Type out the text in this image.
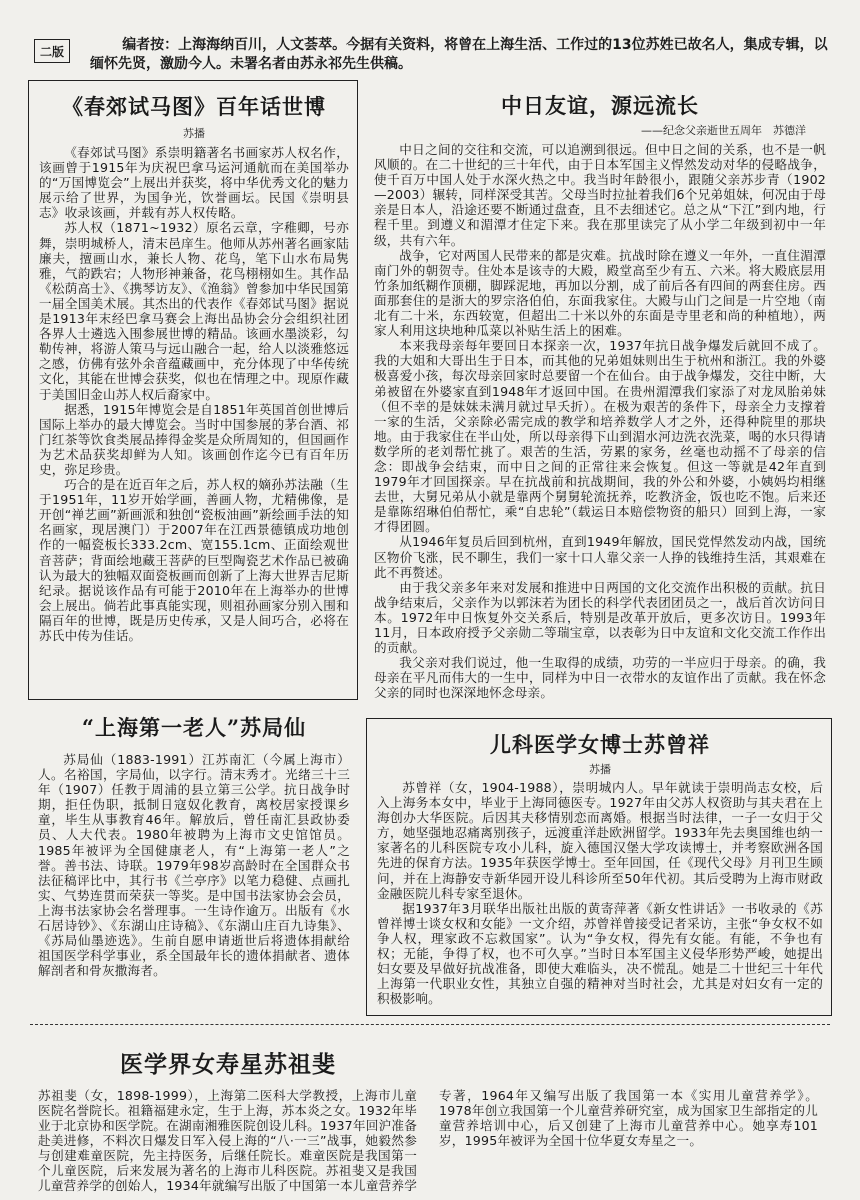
二版	编者按：上海海纳百川，人文荟萃。今据有关资料，将曾在上海生活、工作过的13位苏姓已故名人，集成专辑，以缅怀先贤，激励今人。未署名者由苏永祁先生供稿。

《春郊试马图》百年话世博

苏播

《春郊试马图》系崇明籍著名书画家苏人权名作，该画曾于1915年为庆祝巴拿马运河通航而在美国举办的“万国博览会”上展出并获奖，将中华优秀文化的魅力展示给了世界，为国争光，饮誉画坛。民国《崇明县志》收录该画，并载有苏人权传略。

苏人权（1871~1932）原名云章，字稚卿，号亦舞，崇明城桥人，清末邑庠生。他师从苏州著名画家陆廉夫，擅画山水，兼长人物、花鸟，笔下山水布局隽雅，气韵跌宕；人物形神兼备，花鸟栩栩如生。其作品《松荫高士》、《携琴访友》、《渔翁》曾参加中华民国第一届全国美术展。其杰出的代表作《春郊试马图》据说是1913年末经巴拿马赛会上海出品协会分会组织社团各界人士遴选入围参展世博的精品。该画水墨淡彩，勾勒传神，将游人策马与远山融合一起，给人以淡雅悠远之感，仿佛有弦外余音蕴藏画中，充分体现了中华传统文化，其能在世博会获奖，似也在情理之中。现原作藏于美国旧金山苏人权后裔家中。

据悉，1915年博览会是自1851年英国首创世博后国际上举办的最大博览会。当时中国参展的茅台酒、祁门红茶等饮食类展品捧得金奖是众所周知的，但国画作为艺术品获奖却鲜为人知。该画创作迄今已有百年历史，弥足珍贵。

巧合的是在近百年之后，苏人权的嫡孙苏法融（生于1951年，11岁开始学画，善画人物，尤精佛像，是开创“禅艺画”新画派和独创“瓷板油画”新绘画手法的知名画家，现居澳门）于2007年在江西景德镇成功地创作的一幅瓷板长333.2cm、宽155.1cm、正面绘观世音菩萨；背面绘地藏王菩萨的巨型陶瓷艺术作品已被确认为最大的独幅双面瓷板画而创新了上海大世界吉尼斯纪录。据说该作品有可能于2010年在上海举办的世博会上展出。倘若此事真能实现，则祖孙画家分别入围和隔百年的世博，既是历史传承，又是人间巧合，必将在苏氏中传为佳话。

“上海第一老人”苏局仙

苏局仙（1883-1991）江苏南汇（今属上海市）人。名裕国，字局仙，以字行。清末秀才。光绪三十三年（1907）任教于周浦的县立第三公学。抗日战争时期，拒任伪职，抵制日寇奴化教育，离校居家授课乡童，毕生从事教育46年。解放后，曾任南汇县政协委员、人大代表。1980年被聘为上海市文史馆馆员。1985年被评为全国健康老人，有“上海第一老人”之誉。善书法、诗联。1979年98岁高龄时在全国群众书法征稿评比中，其行书《兰亭序》以笔力稳健、点画扎实、气势连贯而荣获一等奖。是中国书法家协会会员，上海书法家协会名誉理事。一生诗作逾万。出版有《水石居诗钞》、《东湖山庄诗稿》、《东湖山庄百九诗集》、《苏局仙墨迹选》。生前自愿申请逝世后将遗体捐献给祖国医学科学事业，系全国最年长的遗体捐献者、遗体解剖者和骨灰撒海者。

中日友谊，源远流长

——纪念父亲逝世五周年　苏德洋

中日之间的交往和交流，可以追溯到很远。但中日之间的关系，也不是一帆风顺的。在二十世纪的三十年代，由于日本军国主义悍然发动对华的侵略战争，使千百万中国人处于水深火热之中。我当时年龄很小，跟随父亲苏步青（1902—2003）辗转，同样深受其苦。父母当时拉扯着我们6个兄弟姐妹，何况由于母亲是日本人，沿途还要不断通过盘查，且不去细述它。总之从“下江”到内地，行程千里。到遵义和湄潭才住定下来。我在那里读完了从小学二年级到初中一年级，共有六年。

战争，它对两国人民带来的都是灾难。抗战时除在遵义一年外，一直住湄潭南门外的朝贺寺。住处本是该寺的大殿，殿堂高至少有五、六米。将大殿底层用竹条加纸糊作顶棚，脚踩泥地，再加以分割，成了前后各有四间的两套住房。西面那套住的是浙大的罗宗洛伯伯，东面我家住。大殿与山门之间是一片空地（南北有二十米，东西较宽，但超出二十米以外的东面是寺里老和尚的种植地），两家人利用这块地种瓜菜以补贴生活上的困难。

本来我母亲每年要回日本探亲一次，1937年抗日战争爆发后就回不成了。我的大姐和大哥出生于日本，而其他的兄弟姐妹则出生于杭州和浙江。我的外婆极喜爱小孩，每次母亲回家时总要留一个在仙台。由于战争爆发，交往中断，大弟被留在外婆家直到1948年才返回中国。在贵州湄潭我们家添了对龙凤胎弟妹（但不幸的是妹妹未满月就过早夭折）。在极为艰苦的条件下，母亲全力支撑着一家的生活，父亲除必需完成的教学和培养数学人才之外，还得种院里的那块地。由于我家住在半山处，所以母亲得下山到湄水河边洗衣洗菜，喝的水只得请数学所的老刘帮忙挑了。艰苦的生活，劳累的家务，丝毫也动摇不了母亲的信念：即战争会结束，而中日之间的正常往来会恢复。但这一等就是42年直到1979年才回国探亲。早在抗战前和抗战期间，我的外公和外婆，小姨妈均相继去世，大舅兄弟从小就是靠两个舅舅轮流抚养，吃教济金，饭也吃不饱。后来还是靠陈绍琳伯伯帮忙，乘“自忠轮”（载运日本赔偿物资的船只）回到上海，一家才得团圆。

从1946年复员后回到杭州，直到1949年解放，国民党悍然发动内战，国统区物价飞涨，民不聊生，我们一家十口人靠父亲一人挣的钱维持生活，其艰难在此不再赘述。

由于我父亲多年来对发展和推进中日两国的文化交流作出积极的贡献。抗日战争结束后，父亲作为以郭沫若为团长的科学代表团团员之一，战后首次访问日本。1972年中日恢复外交关系后，特别是改革开放后，更多次访日。1993年11月，日本政府授予父亲勋二等瑞宝章，以表彰为日中友谊和文化交流工作作出的贡献。

我父亲对我们说过，他一生取得的成绩，功劳的一半应归于母亲。的确，我母亲在平凡而伟大的一生中，同样为中日一衣带水的友谊作出了贡献。我在怀念父亲的同时也深深地怀念母亲。

儿科医学女博士苏曾祥

苏播

苏曾祥（女，1904-1988），崇明城内人。早年就读于崇明尚志女校，后入上海务本女中，毕业于上海同德医专。1927年由父苏人权资助与其夫君在上海创办大华医院。后因其夫移情别恋而离婚。根据当时法律，一子一女归于父方，她坚强地忍痛离别孩子，远渡重洋赴欧洲留学。1933年先去奥国维也纳一家著名的儿科医院专攻小儿科，旋入德国汉堡大学攻读博士，并考察欧洲各国先进的保育方法。1935年获医学博士。至年回国，任《现代父母》月刊卫生顾问，并在上海静安寺新华园开设儿科诊所至50年代初。其后受聘为上海市财政金融医院儿科专家至退休。

据1937年3月联华出版社出版的黄寄萍著《新女性讲话》一书收录的《苏曾祥博士谈女权和女能》一文介绍，苏曾祥曾接受记者采访，主张“争女权不如争人权，理家政不忘救国家”。认为“争女权，得先有女能。有能，不争也有权；无能，争得了权，也不可久享。”当时日本军国主义侵华形势严峻，她提出妇女要及早做好抗战准备，即使大难临头，决不慌乱。她是二十世纪三十年代上海第一代职业女性，其独立自强的精神对当时社会，尤其是对妇女有一定的积极影响。

医学界女寿星苏祖斐

苏祖斐（女，1898-1999），上海第二医科大学教授，上海市儿童医院名誉院长。祖籍福建永定，生于上海，苏本炎之女。1932年毕业于北京协和医学院。在湖南湘雅医院创设儿科。1937年回沪准备赴美进修，不料次日爆发日军入侵上海的“八·一三”战事，她毅然参与创建难童医院，先主持医务，后继任院长。难童医院是我国第一个儿童医院，后来发展为著名的上海市儿科医院。苏祖斐又是我国儿童营养学的创始人，1934年就编写出版了中国第一本儿童营养学专著，1964年又编写出版了我国第一本《实用儿童营养学》。1978年创立我国第一个儿童营养研究室，成为国家卫生部指定的儿童营养培训中心，后又创建了上海市儿童营养中心。她享寿101岁，1995年被评为全国十位华夏女寿星之一。
